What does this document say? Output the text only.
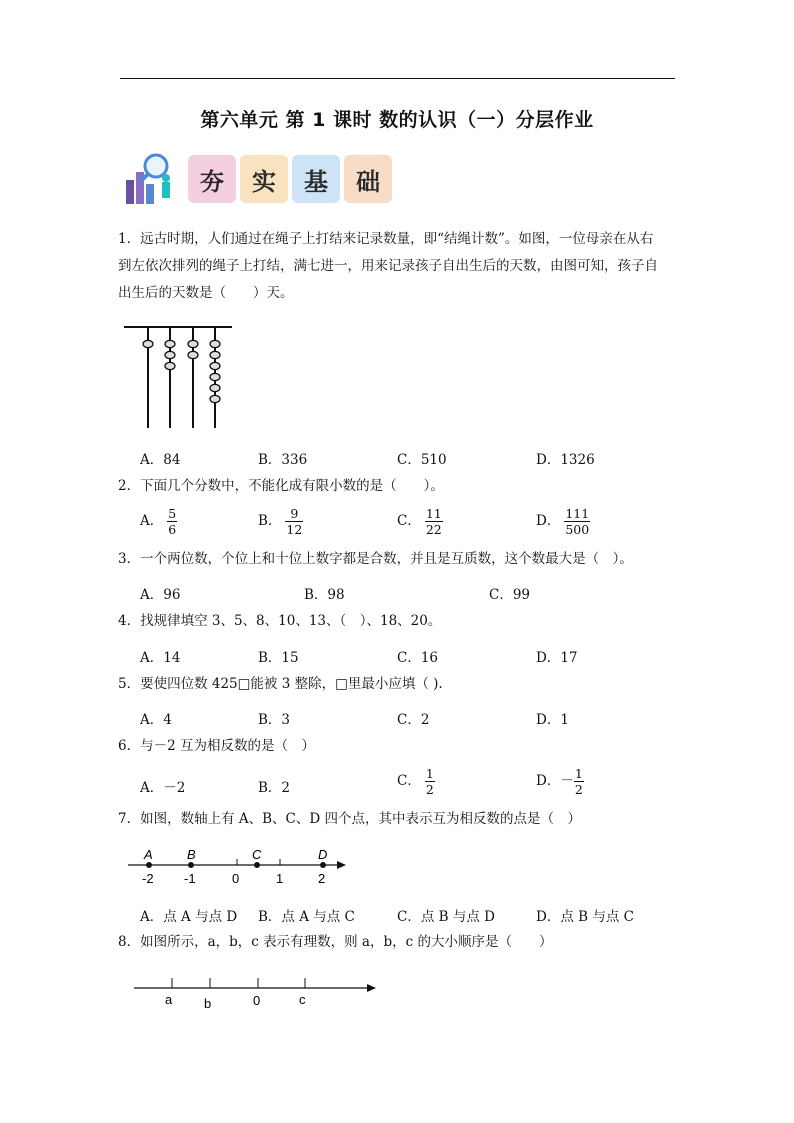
第六单元 第 1 课时 数的认识（一）分层作业
夯 实 基 础
1．远古时期，人们通过在绳子上打结来记录数量，即“结绳计数”。如图，一位母亲在从右
到左依次排列的绳子上打结，满七进一，用来记录孩子自出生后的天数，由图可知，孩子自
出生后的天数是（　　）天。
A．84	B．336	C．510	D．1326
2．下面几个分数中，不能化成有限小数的是（　　）。
A． $\frac{5}{6}$	B． $\frac{9}{12}$	C． $\frac{11}{22}$	D． $\frac{111}{500}$
3．一个两位数，个位上和十位上数字都是合数，并且是互质数，这个数最大是（　）。
A．96	B．98	C．99
4．找规律填空 3、5、8、10、13、（　）、18、20。
A．14	B．15	C．16	D．17
5．要使四位数 425□能被 3 整除，□里最小应填（ ).
A．4	B．3	C．2	D．1
6．与－2 互为相反数的是（　）
A．－2	B．2	C． $\frac{1}{2}$	D．－ $\frac{1}{2}$
7．如图，数轴上有 A、B、C、D 四个点，其中表示互为相反数的点是（　）
A	B	C	D
-2 -1	0	1	2
A．点 A 与点 D B．点 A 与点 C	C．点 B 与点 D	D．点 B 与点 C
8．如图所示，a，b，c 表示有理数，则 a，b，c 的大小顺序是（　　）
a b	0	c
